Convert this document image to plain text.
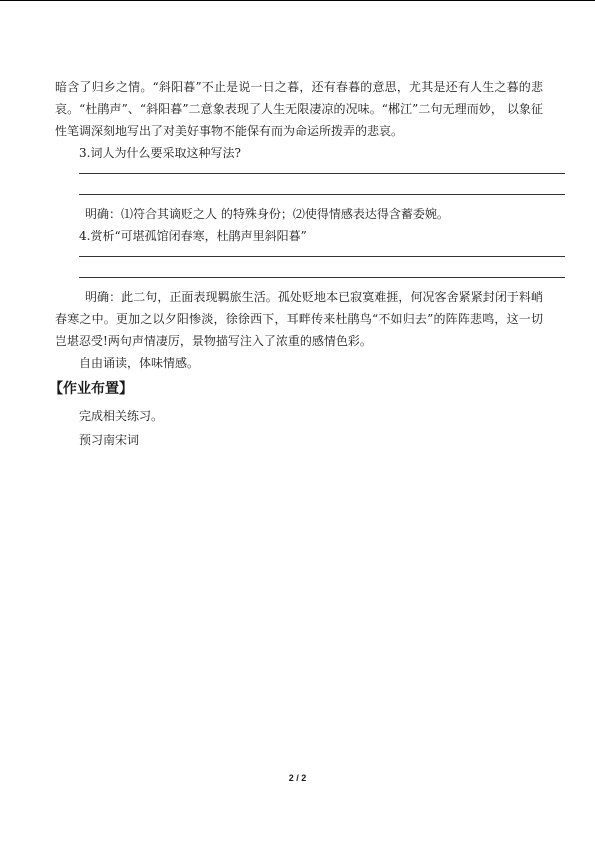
暗含了归乡之情。“斜阳暮”不止是说一日之暮，还有春暮的意思，尤其是还有人生之暮的悲哀。“杜鹃声”、“斜阳暮”二意象表现了人生无限凄凉的况味。“郴江”二句无理而妙， 以象征性笔调深刻地写出了对美好事物不能保有而为命运所拨弄的悲哀。

3.词人为什么要采取这种写法?

明确：⑴符合其谪贬之人 的特殊身份；⑵使得情感表达得含蓄委婉。

4.赏析“可堪孤馆闭春寒，杜鹃声里斜阳暮”

明确：此二句，正面表现羁旅生活。孤处贬地本已寂寞难捱，何况客舍紧紧封闭于料峭春寒之中。更加之以夕阳惨淡，徐徐西下，耳畔传来杜鹃鸟“不如归去”的阵阵悲鸣，这一切岂堪忍受!两句声情凄厉，景物描写注入了浓重的感情色彩。

自由诵读，体味情感。

【作业布置】

完成相关练习。

预习南宋词

2 / 2
